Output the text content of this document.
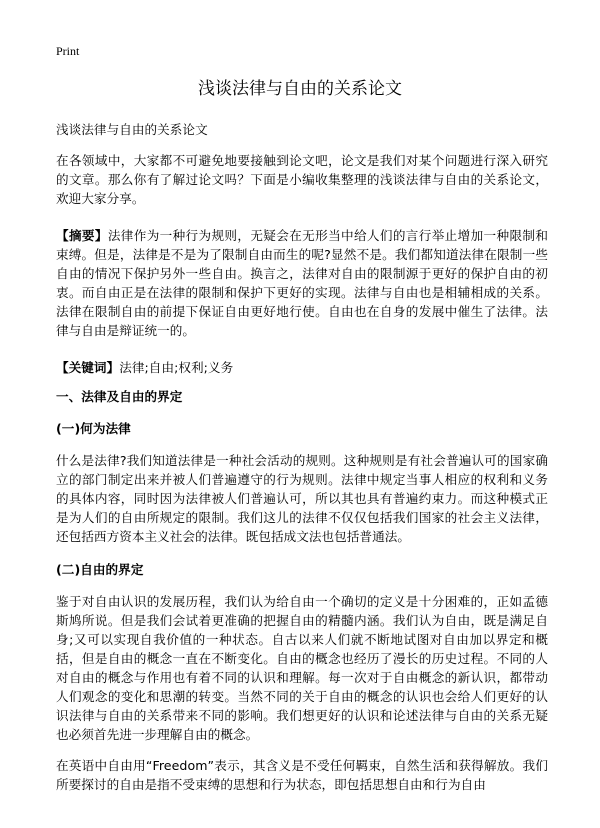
Print
浅谈法律与自由的关系论文

浅谈法律与自由的关系论文

在各领域中，大家都不可避免地要接触到论文吧，论文是我们对某个问题进行深入研究的文章。那么你有了解过论文吗？下面是小编收集整理的浅谈法律与自由的关系论文，欢迎大家分享。

【摘要】法律作为一种行为规则，无疑会在无形当中给人们的言行举止增加一种限制和束缚。但是，法律是不是为了限制自由而生的呢?显然不是。我们都知道法律在限制一些自由的情况下保护另外一些自由。换言之，法律对自由的限制源于更好的保护自由的初衷。而自由正是在法律的限制和保护下更好的实现。法律与自由也是相辅相成的关系。法律在限制自由的前提下保证自由更好地行使。自由也在自身的发展中催生了法律。法律与自由是辩证统一的。

【关键词】法律;自由;权利;义务

一、法律及自由的界定

(一)何为法律

什么是法律?我们知道法律是一种社会活动的规则。这种规则是有社会普遍认可的国家确立的部门制定出来并被人们普遍遵守的行为规则。法律中规定当事人相应的权利和义务的具体内容，同时因为法律被人们普遍认可，所以其也具有普遍约束力。而这种模式正是为人们的自由所规定的限制。我们这儿的法律不仅仅包括我们国家的社会主义法律，还包括西方资本主义社会的法律。既包括成文法也包括普通法。

(二)自由的界定

鉴于对自由认识的发展历程，我们认为给自由一个确切的定义是十分困难的，正如孟德斯鸠所说。但是我们会试着更准确的把握自由的精髓内涵。我们认为自由，既是满足自身;又可以实现自我价值的一种状态。自古以来人们就不断地试图对自由加以界定和概括，但是自由的概念一直在不断变化。自由的概念也经历了漫长的历史过程。不同的人对自由的概念与作用也有着不同的认识和理解。每一次对于自由概念的新认识，都带动人们观念的变化和思潮的转变。当然不同的关于自由的概念的认识也会给人们更好的认识法律与自由的关系带来不同的影响。我们想更好的认识和论述法律与自由的关系无疑也必须首先进一步理解自由的概念。

在英语中自由用“Freedom”表示，其含义是不受任何羁束，自然生活和获得解放。我们所要探讨的自由是指不受束缚的思想和行为状态，即包括思想自由和行为自由
